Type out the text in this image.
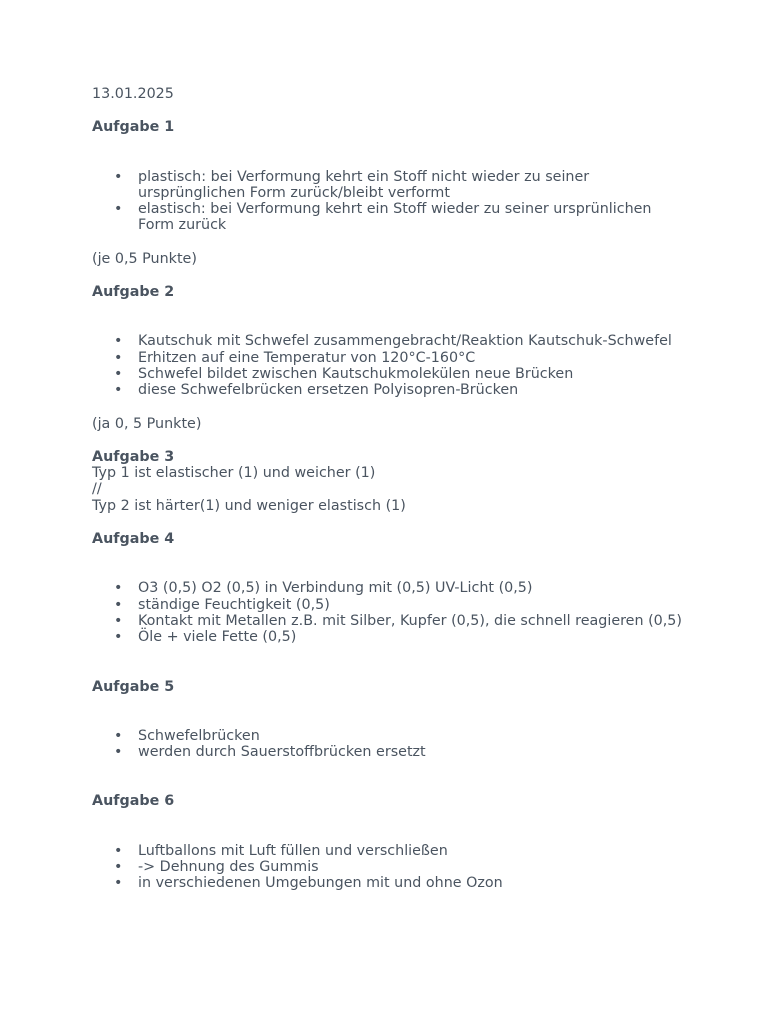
13.01.2025

Aufgabe 1

• plastisch: bei Verformung kehrt ein Stoff nicht wieder zu seiner ursprünglichen Form zurück/bleibt verformt
• elastisch: bei Verformung kehrt ein Stoff wieder zu seiner ursprünlichen Form zurück

(je 0,5 Punkte)

Aufgabe 2

• Kautschuk mit Schwefel zusammengebracht/Reaktion Kautschuk-Schwefel
• Erhitzen auf eine Temperatur von 120°C-160°C
• Schwefel bildet zwischen Kautschukmolekülen neue Brücken
• diese Schwefelbrücken ersetzen Polyisopren-Brücken

(ja 0, 5 Punkte)

Aufgabe 3

Typ 1 ist elastischer (1) und weicher (1)

//

Typ 2 ist härter(1) und weniger elastisch (1)

Aufgabe 4

• O3 (0,5) O2 (0,5) in Verbindung mit (0,5) UV-Licht (0,5)
• ständige Feuchtigkeit (0,5)
• Kontakt mit Metallen z.B. mit Silber, Kupfer (0,5), die schnell reagieren (0,5)
• Öle + viele Fette (0,5)

Aufgabe 5

• Schwefelbrücken
• werden durch Sauerstoffbrücken ersetzt

Aufgabe 6

• Luftballons mit Luft füllen und verschließen
• -> Dehnung des Gummis
• in verschiedenen Umgebungen mit und ohne Ozon
